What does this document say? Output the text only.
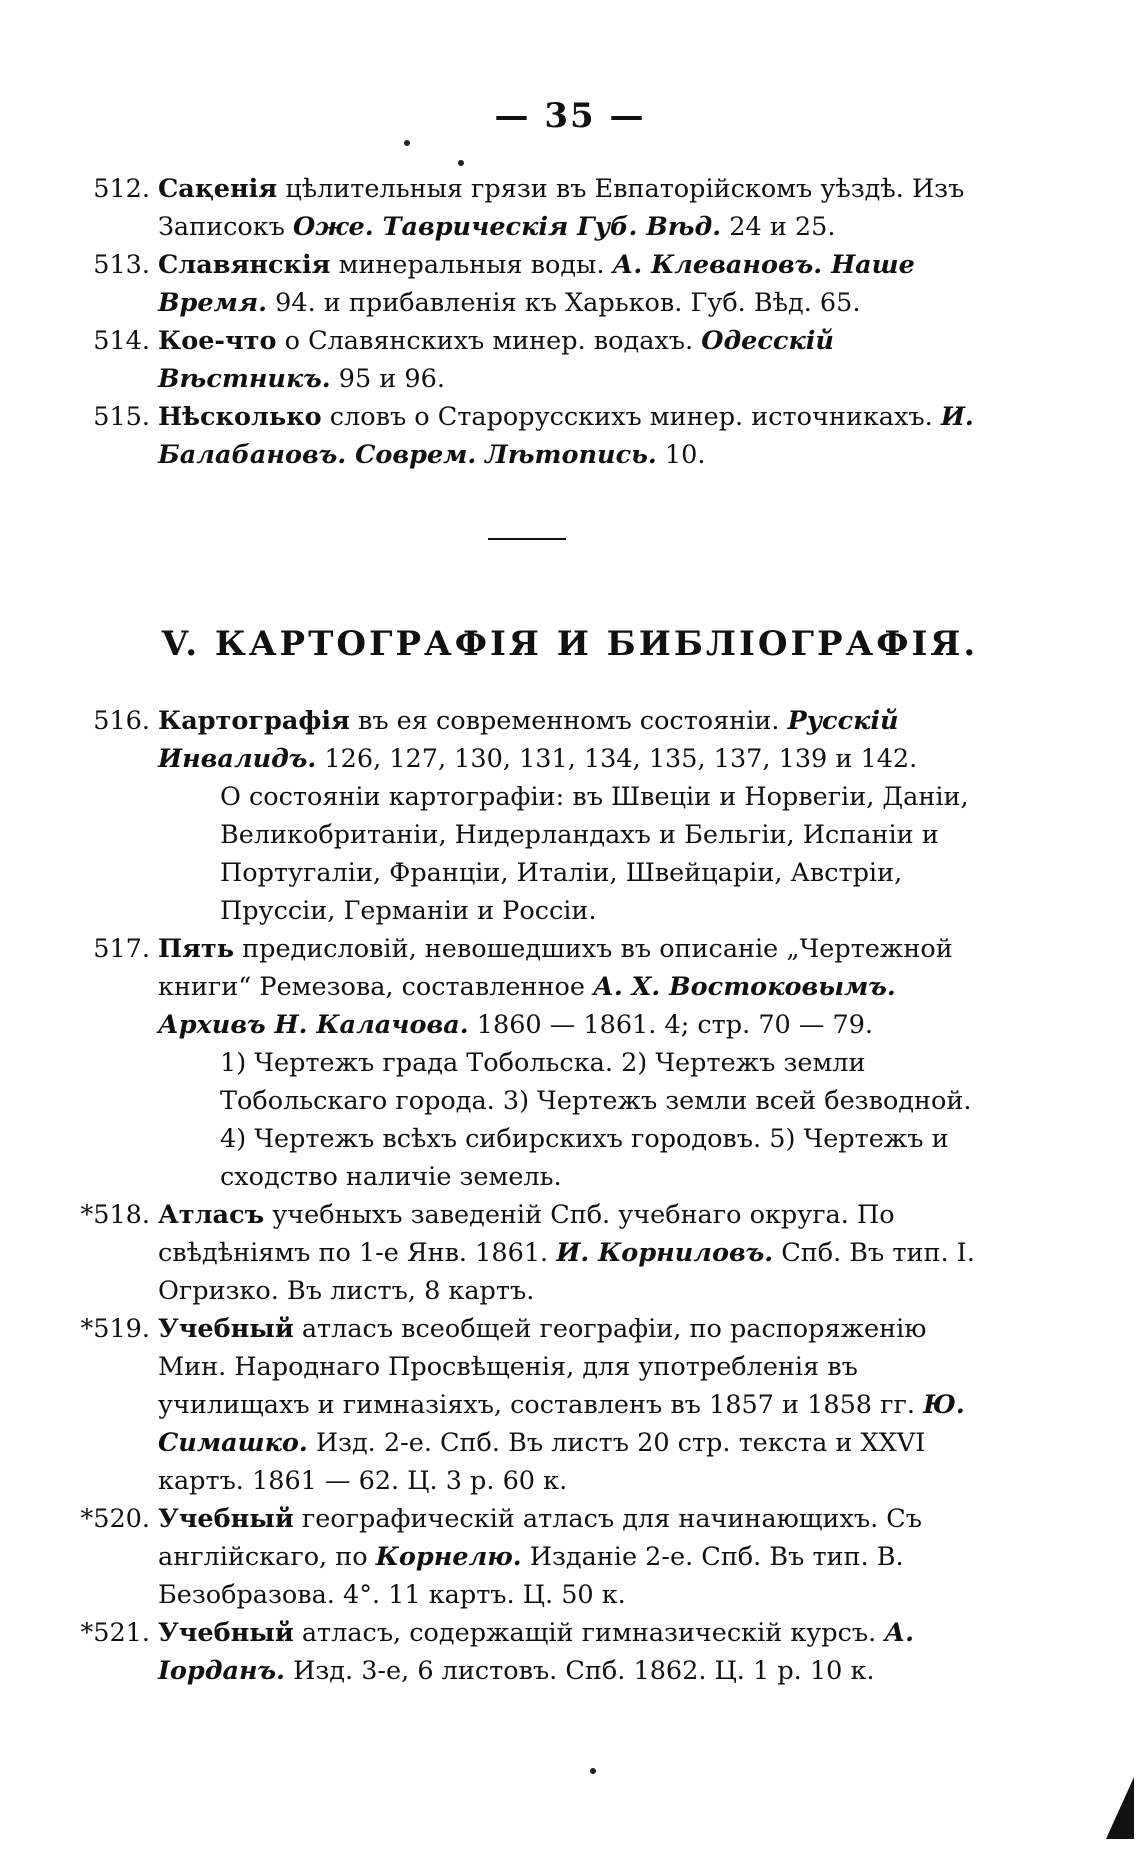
— 35 —
512. Сақенія цѣлительныя грязи въ Евпаторійскомъ уѣздѣ. Изъ Записокъ Оже. Таврическія Губ. Вѣд. 24 и 25.
513. Славянскія минеральныя воды. А. Клевановъ. Наше Время. 94. и прибавленія къ Харьков. Губ. Вѣд. 65.
514. Кое-что о Славянскихъ минер. водахъ. Одесскій Вѣстникъ. 95 и 96.
515. Нѣсколько словъ о Старорусскихъ минер. источникахъ. И. Балабановъ. Соврем. Лѣтопись. 10.
V. КАРТОГРАФІЯ И БИБЛІОГРАФІЯ.
516. Картографія въ ея современномъ состояніи. Русскій Инвалидъ. 126, 127, 130, 131, 134, 135, 137, 139 и 142.
О состояніи картографіи: въ Швеціи и Норвегіи, Даніи, Великобританіи, Нидерландахъ и Бельгіи, Испаніи и Португаліи, Франціи, Италіи, Швейцаріи, Австріи, Пруссіи, Германіи и Россіи.
517. Пять предисловій, невошедшихъ въ описаніе „Чертежной книги“ Ремезова, составленное А. Х. Востоковымъ. Архивъ Н. Калачова. 1860 — 1861. 4; стр. 70 — 79.
1) Чертежъ града Тобольска. 2) Чертежъ земли Тобольскаго города. 3) Чертежъ земли всей безводной. 4) Чертежъ всѣхъ сибирскихъ городовъ. 5) Чертежъ и сходство наличіе земель.
*518. Атласъ учебныхъ заведеній Спб. учебнаго округа. По свѣдѣніямъ по 1-е Янв. 1861. И. Корниловъ. Спб. Въ тип. І. Огризко. Въ листъ, 8 картъ.
*519. Учебный атласъ всеобщей географіи, по распоряженію Мин. Народнаго Просвѣщенія, для употребленія въ училищахъ и гимназіяхъ, составленъ въ 1857 и 1858 гг. Ю. Симашко. Изд. 2-е. Спб. Въ листъ 20 стр. текста и XXVI картъ. 1861 — 62. Ц. 3 р. 60 к.
*520. Учебный географическій атласъ для начинающихъ. Съ англійскаго, по Корнелю. Изданіе 2-е. Спб. Въ тип. В. Безобразова. 4°. 11 картъ. Ц. 50 к.
*521. Учебный атласъ, содержащій гимназическій курсъ. А. Іорданъ. Изд. 3-е, 6 листовъ. Спб. 1862. Ц. 1 р. 10 к.
